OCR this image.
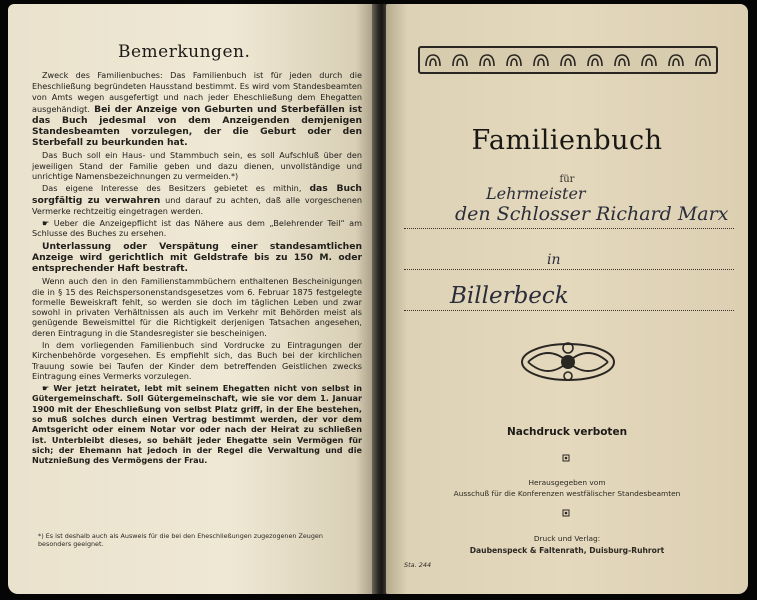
Bemerkungen.

Zweck des Familienbuches: Das Familienbuch ist für jeden durch die Eheschließung begründeten Hausstand bestimmt. Es wird vom Standesbeamten von Amts wegen ausgefertigt und nach jeder Eheschließung dem Ehegatten ausgehändigt. Bei der Anzeige von Geburten und Sterbefällen ist das Buch jedesmal von dem Anzeigenden demjenigen Standesbeamten vorzulegen, der die Geburt oder den Sterbefall zu beurkunden hat.

Das Buch soll ein Haus- und Stammbuch sein, es soll Aufschluß über den jeweiligen Stand der Familie geben und dazu dienen, unvollständige und unrichtige Namensbezeichnungen zu vermeiden.*)

Das eigene Interesse des Besitzers gebietet es mithin, das Buch sorgfältig zu verwahren und darauf zu achten, daß alle vorgeschenen Vermerke rechtzeitig eingetragen werden.

☛ Ueber die Anzeigepflicht ist das Nähere aus dem „Belehrender Teil“ am Schlusse des Buches zu ersehen.

Unterlassung oder Verspätung einer standesamtlichen Anzeige wird gerichtlich mit Geldstrafe bis zu 150 M. oder entsprechender Haft bestraft.

Wenn auch den in den Familienstammbüchern enthaltenen Bescheinigungen die in § 15 des Reichspersonenstandsgesetzes vom 6. Februar 1875 festgelegte formelle Beweiskraft fehlt, so werden sie doch im täglichen Leben und zwar sowohl in privaten Verhältnissen als auch im Verkehr mit Behörden meist als genügende Beweismittel für die Richtigkeit derjenigen Tatsachen angesehen, deren Eintragung in die Standesregister sie bescheinigen.

In dem vorliegenden Familienbuch sind Vordrucke zu Eintragungen der Kirchenbehörde vorgesehen. Es empfiehlt sich, das Buch bei der kirchlichen Trauung sowie bei Taufen der Kinder dem betreffenden Geistlichen zwecks Eintragung eines Vermerks vorzulegen.

☛ Wer jetzt heiratet, lebt mit seinem Ehegatten nicht von selbst in Gütergemeinschaft. Soll Gütergemeinschaft, wie sie vor dem 1. Januar 1900 mit der Eheschließung von selbst Platz griff, in der Ehe bestehen, so muß solches durch einen Vertrag bestimmt werden, der vor dem Amtsgericht oder einem Notar vor oder nach der Heirat zu schließen ist. Unterbleibt dieses, so behält jeder Ehegatte sein Vermögen für sich; der Ehemann hat jedoch in der Regel die Verwaltung und die Nutznießung des Vermögens der Frau.

*) Es ist deshalb auch als Ausweis für die bei den Eheschließungen zugezogenen Zeugen besonders geeignet.
Familienbuch
für
Lehrmeister
den Schlosser Richard Marx
in
Billerbeck
Nachdruck verboten
Herausgegeben vom
Ausschuß für die Konferenzen westfälischer Standesbeamten
Druck und Verlag:
Daubenspeck & Faltenrath, Duisburg-Ruhrort
Sta. 244
